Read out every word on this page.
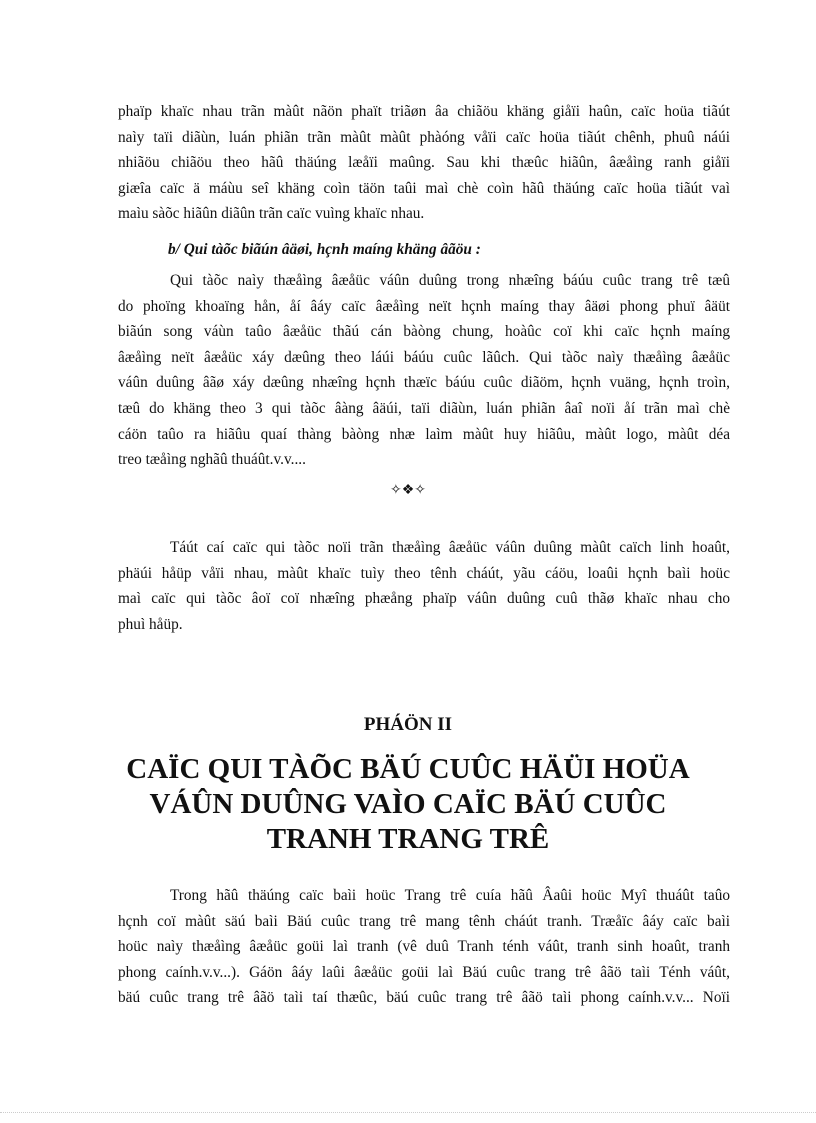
phaïp khaïc nhau trãn màût nãön phaït triãøn âa chiãöu khäng giåïi haûn, caïc hoüa tiãút
naìy taïi diãùn, luán phiãn trãn màût màût phàóng våïi caïc hoüa tiãút chênh, phuû náúi
nhiãöu chiãöu theo hãû thäúng læåïi maûng. Sau khi thæûc hiãûn, âæåìng ranh giåïi
giæîa caïc ä máùu seî khäng coìn täön taûi maì chè coìn hãû thäúng caïc hoüa tiãút vaì
maìu sàõc hiãûn diãûn trãn caïc vuìng khaïc nhau.
b/ Qui tàõc biãún âäøi, hçnh maíng khäng âãöu :
Qui tàõc naìy thæåìng âæåüc váûn duûng trong nhæîng báúu cuûc trang trê tæû
do phoïng khoaïng hån, åí âáy caïc âæåìng neït hçnh maíng thay âäøi phong phuï âäüt
biãún song váùn taûo âæåüc thãú cán bàòng chung, hoàûc coï khi caïc hçnh maíng
âæåìng neït âæåüc xáy dæûng theo láúi báúu cuûc lãûch. Qui tàõc naìy thæåìng âæåüc
váûn duûng âãø xáy dæûng nhæîng hçnh thæïc báúu cuûc diãöm, hçnh vuäng, hçnh troìn,
tæû do khäng theo 3 qui tàõc âàng âäúi, taïi diãùn, luán phiãn âaî noïi åí trãn maì chè
cáön taûo ra hiãûu quaí thàng bàòng nhæ laìm màût huy hiãûu, màût logo, màût déa
treo tæåìng nghãû thuáût.v.v....
✧❖✧
Táút caí caïc qui tàõc noïi trãn thæåìng âæåüc váûn duûng màût caïch linh hoaût,
phäúi håüp våïi nhau, màût khaïc tuìy theo tênh cháút, yãu cáöu, loaûi hçnh baìi hoüc
maì caïc qui tàõc âoï coï nhæîng phæång phaïp váûn duûng cuû thãø khaïc nhau cho
phuì håüp.
PHÁÖN II
CAÏC QUI TÀÕC BÄÚ CUÛC HÄÜI HOÜA
VÁÛN DUÛNG VAÌO CAÏC BÄÚ CUÛC
TRANH TRANG TRÊ
Trong hãû thäúng caïc baìi hoüc Trang trê cuía hãû Âaûi hoüc Myî thuáût taûo
hçnh coï màût säú baìi Bäú cuûc trang trê mang tênh cháút tranh. Træåïc âáy caïc baìi
hoüc naìy thæåìng âæåüc goüi laì tranh (vê duû Tranh ténh váût, tranh sinh hoaût, tranh
phong caính.v.v...). Gáön âáy laûi âæåüc goüi laì Bäú cuûc trang trê âãö taìi Ténh váût,
bäú cuûc trang trê âãö taìi taí thæûc, bäú cuûc trang trê âãö taìi phong caính.v.v... Noïi
